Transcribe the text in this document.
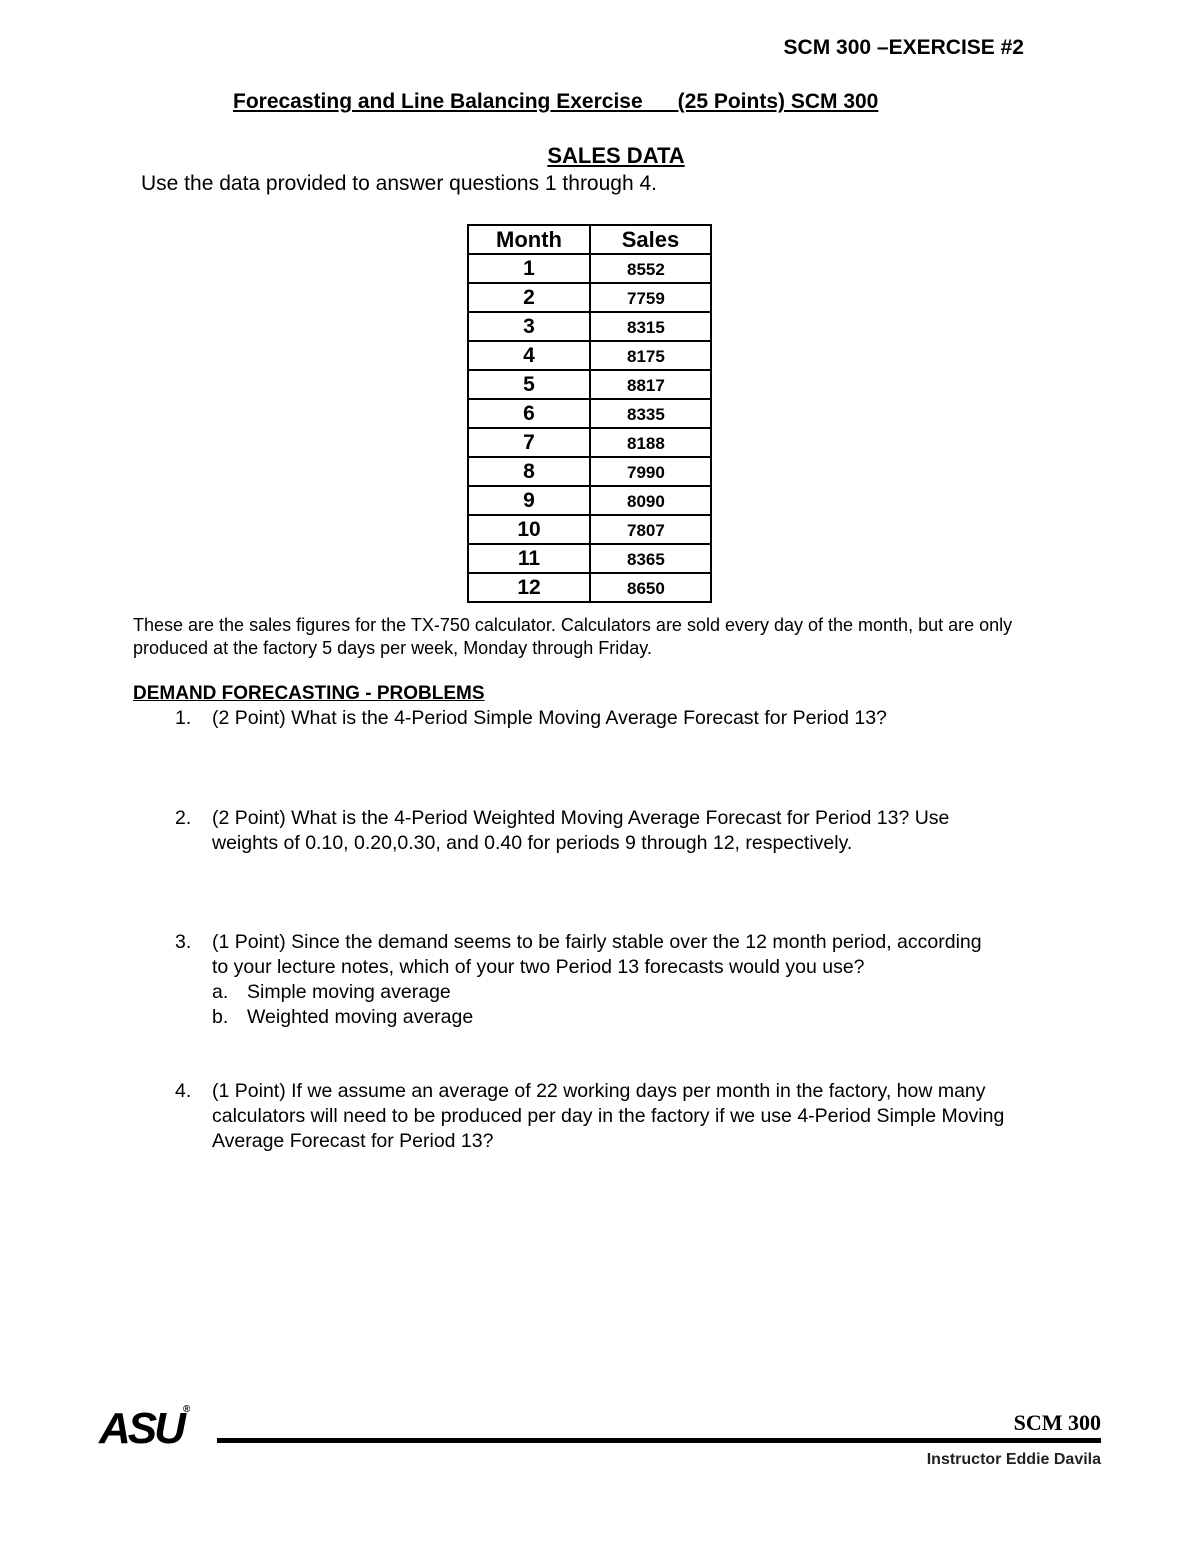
SCM 300 –EXERCISE #2
Forecasting and Line Balancing Exercise      (25 Points) SCM 300
SALES DATA
Use the data provided to answer questions 1 through 4.
Month	Sales
1	8552
2	7759
3	8315
4	8175
5	8817
6	8335
7	8188
8	7990
9	8090
10	7807
11	8365
12	8650
These are the sales figures for the TX-750 calculator. Calculators are sold every day of the month, but are only produced at the factory 5 days per week, Monday through Friday.
DEMAND FORECASTING - PROBLEMS
1. (2 Point) What is the 4-Period Simple Moving Average Forecast for Period 13?
2. (2 Point) What is the 4-Period Weighted Moving Average Forecast for Period 13? Use weights of 0.10, 0.20,0.30, and 0.40 for periods 9 through 12, respectively.
3. (1 Point) Since the demand seems to be fairly stable over the 12 month period, according to your lecture notes, which of your two Period 13 forecasts would you use?
a. Simple moving average
b. Weighted moving average
4. (1 Point) If we assume an average of 22 working days per month in the factory, how many calculators will need to be produced per day in the factory if we use 4-Period Simple Moving Average Forecast for Period 13?
ASU®
SCM 300
Instructor Eddie Davila
